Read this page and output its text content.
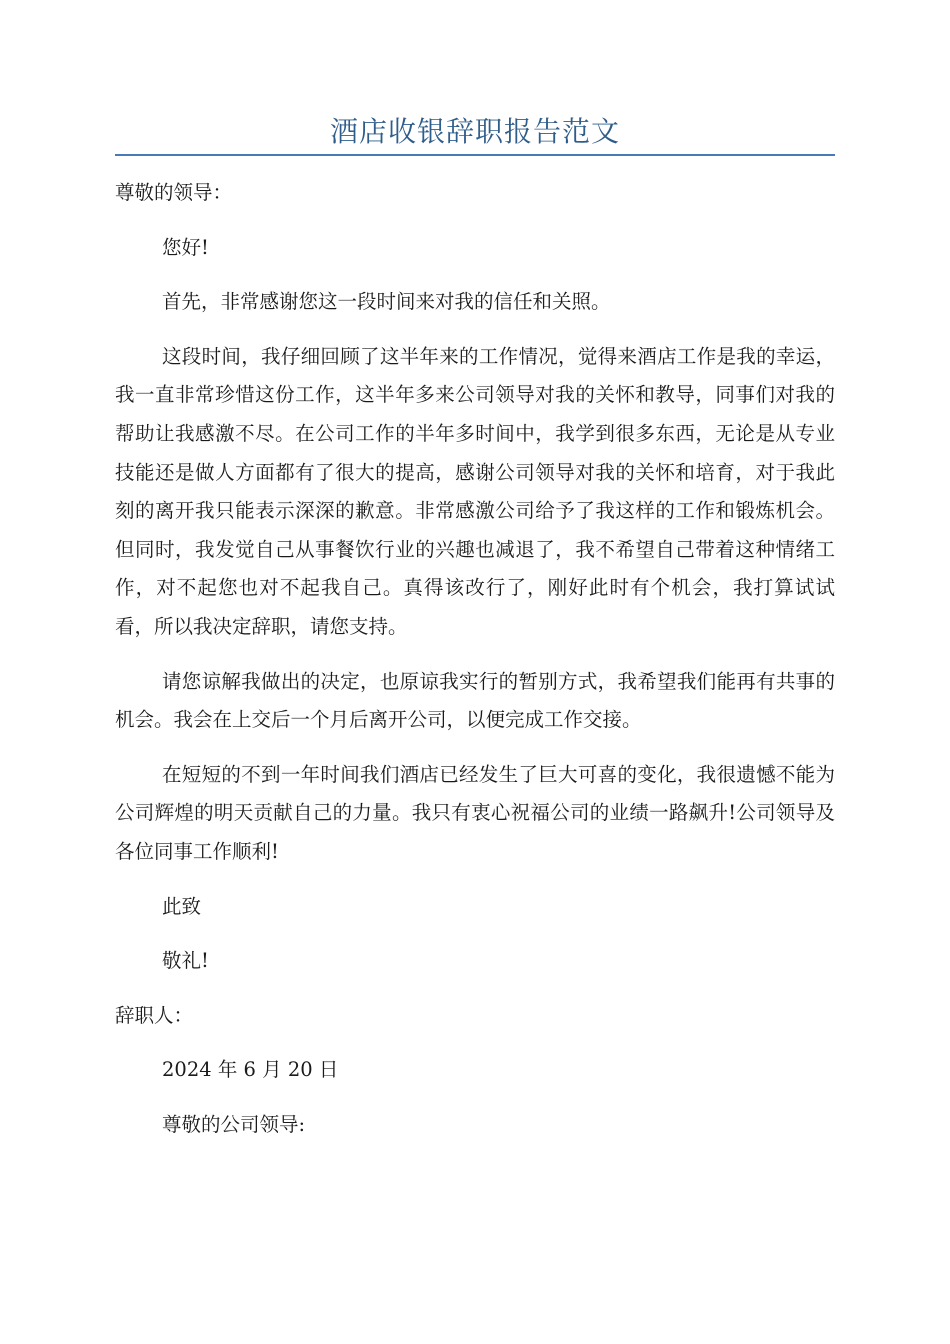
酒店收银辞职报告范文

尊敬的领导：

您好!

首先，非常感谢您这一段时间来对我的信任和关照。

这段时间，我仔细回顾了这半年来的工作情况，觉得来酒店工作是我的幸运，我一直非常珍惜这份工作，这半年多来公司领导对我的关怀和教导，同事们对我的帮助让我感激不尽。在公司工作的半年多时间中，我学到很多东西，无论是从专业技能还是做人方面都有了很大的提高，感谢公司领导对我的关怀和培育，对于我此刻的离开我只能表示深深的歉意。非常感激公司给予了我这样的工作和锻炼机会。但同时，我发觉自己从事餐饮行业的兴趣也减退了，我不希望自己带着这种情绪工作，对不起您也对不起我自己。真得该改行了，刚好此时有个机会，我打算试试看，所以我决定辞职，请您支持。

请您谅解我做出的决定，也原谅我实行的暂别方式，我希望我们能再有共事的机会。我会在上交后一个月后离开公司，以便完成工作交接。

在短短的不到一年时间我们酒店已经发生了巨大可喜的变化，我很遗憾不能为公司辉煌的明天贡献自己的力量。我只有衷心祝福公司的业绩一路飙升!公司领导及各位同事工作顺利!

此致

敬礼!

辞职人：

2024 年 6 月 20 日

尊敬的公司领导:
